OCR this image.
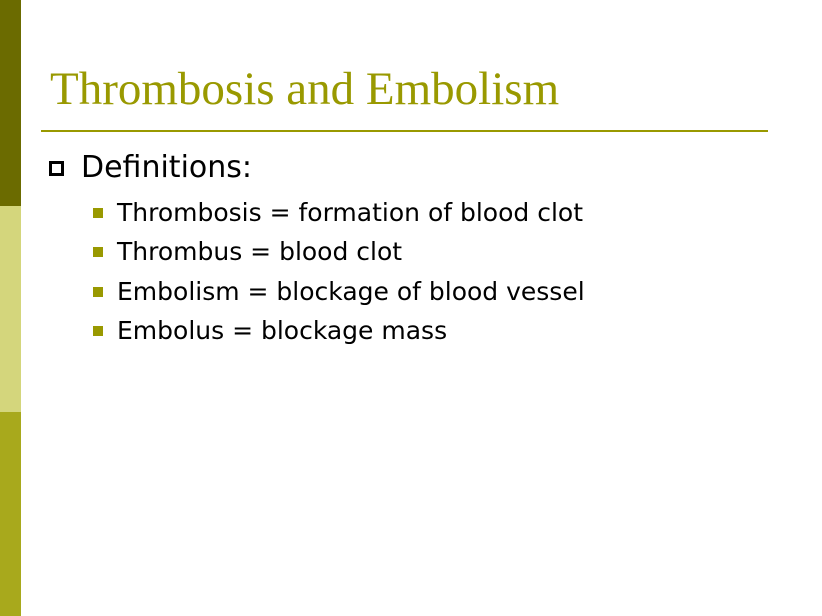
Thrombosis and Embolism
Definitions:
Thrombosis = formation of blood clot
Thrombus = blood clot
Embolism = blockage of blood vessel
Embolus = blockage mass
